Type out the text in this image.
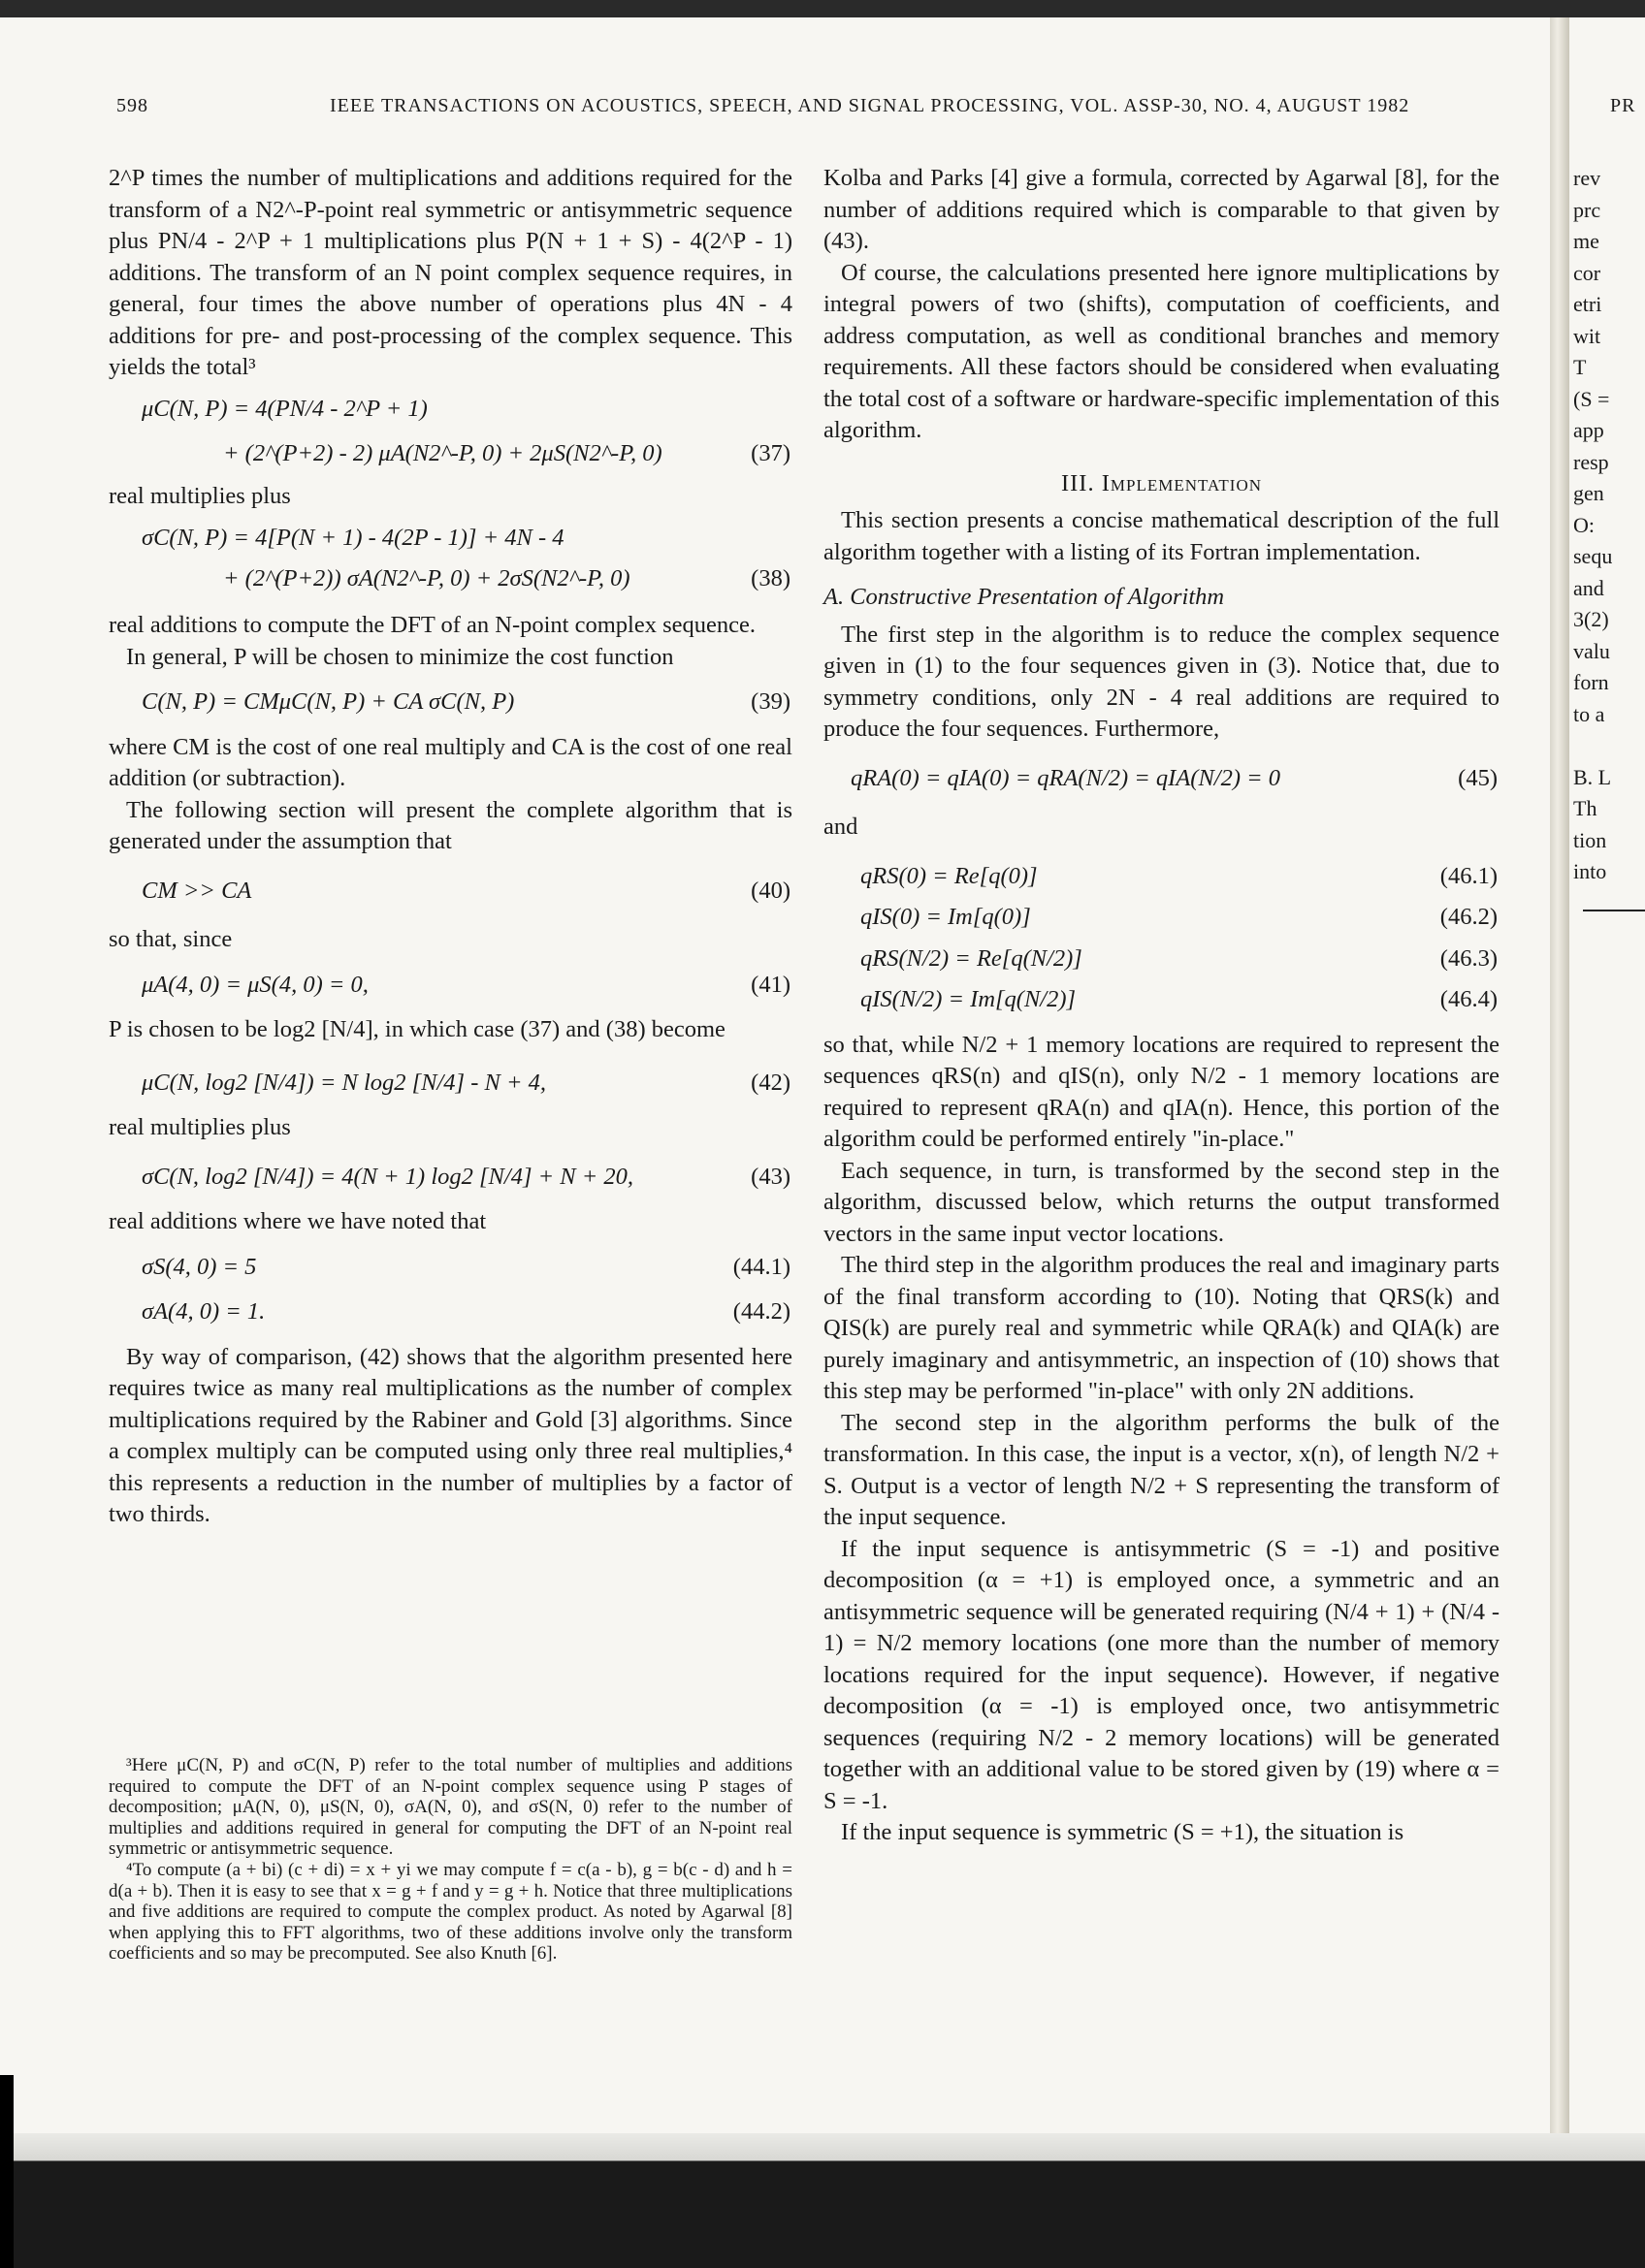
598	IEEE TRANSACTIONS ON ACOUSTICS, SPEECH, AND SIGNAL PROCESSING, VOL. ASSP-30, NO. 4, AUGUST 1982	PR

2^P times the number of multiplications and additions required for the transform of a N2^-P-point real symmetric or antisymmetric sequence plus PN/4 - 2^P + 1 multiplications plus P(N + 1 + S) - 4(2^P - 1) additions. The transform of an N point complex sequence requires, in general, four times the above number of operations plus 4N - 4 additions for pre- and post-processing of the complex sequence. This yields the total³

μC(N, P) = 4(PN/4 - 2^P + 1)
+ (2^(P+2) - 2) μA(N2^-P, 0) + 2μS(N2^-P, 0)	(37)

real multiplies plus

σC(N, P) = 4[P(N + 1) - 4(2P - 1)] + 4N - 4
+ (2^(P+2)) σA(N2^-P, 0) + 2σS(N2^-P, 0)	(38)

real additions to compute the DFT of an N-point complex sequence.

In general, P will be chosen to minimize the cost function

C(N, P) = CMμC(N, P) + CA σC(N, P)	(39)

where CM is the cost of one real multiply and CA is the cost of one real addition (or subtraction).

The following section will present the complete algorithm that is generated under the assumption that

CM >> CA	(40)

so that, since

μA(4, 0) = μS(4, 0) = 0,	(41)

P is chosen to be log2 [N/4], in which case (37) and (38) become

μC(N, log2 [N/4]) = N log2 [N/4] - N + 4,	(42)

real multiplies plus

σC(N, log2 [N/4]) = 4(N + 1) log2 [N/4] + N + 20,	(43)

real additions where we have noted that

σS(4, 0) = 5	(44.1)
σA(4, 0) = 1.	(44.2)

By way of comparison, (42) shows that the algorithm presented here requires twice as many real multiplications as the number of complex multiplications required by the Rabiner and Gold [3] algorithms. Since a complex multiply can be computed using only three real multiplies,⁴ this represents a reduction in the number of multiplies by a factor of two thirds.

³Here μC(N, P) and σC(N, P) refer to the total number of multiplies and additions required to compute the DFT of an N-point complex sequence using P stages of decomposition; μA(N, 0), μS(N, 0), σA(N, 0), and σS(N, 0) refer to the number of multiplies and additions required in general for computing the DFT of an N-point real symmetric or antisymmetric sequence.

⁴To compute (a + bi) (c + di) = x + yi we may compute f = c(a - b), g = b(c - d) and h = d(a + b). Then it is easy to see that x = g + f and y = g + h. Notice that three multiplications and five additions are required to compute the complex product. As noted by Agarwal [8] when applying this to FFT algorithms, two of these additions involve only the transform coefficients and so may be precomputed. See also Knuth [6].

Kolba and Parks [4] give a formula, corrected by Agarwal [8], for the number of additions required which is comparable to that given by (43).

Of course, the calculations presented here ignore multiplications by integral powers of two (shifts), computation of coefficients, and address computation, as well as conditional branches and memory requirements. All these factors should be considered when evaluating the total cost of a software or hardware-specific implementation of this algorithm.

III. Implementation

This section presents a concise mathematical description of the full algorithm together with a listing of its Fortran implementation.

A. Constructive Presentation of Algorithm

The first step in the algorithm is to reduce the complex sequence given in (1) to the four sequences given in (3). Notice that, due to symmetry conditions, only 2N - 4 real additions are required to produce the four sequences. Furthermore,

qRA(0) = qIA(0) = qRA(N/2) = qIA(N/2) = 0	(45)

and

qRS(0) = Re[q(0)]	(46.1)
qIS(0) = Im[q(0)]	(46.2)
qRS(N/2) = Re[q(N/2)]	(46.3)
qIS(N/2) = Im[q(N/2)]	(46.4)

so that, while N/2 + 1 memory locations are required to represent the sequences qRS(n) and qIS(n), only N/2 - 1 memory locations are required to represent qRA(n) and qIA(n). Hence, this portion of the algorithm could be performed entirely "in-place."

Each sequence, in turn, is transformed by the second step in the algorithm, discussed below, which returns the output transformed vectors in the same input vector locations.

The third step in the algorithm produces the real and imaginary parts of the final transform according to (10). Noting that QRS(k) and QIS(k) are purely real and symmetric while QRA(k) and QIA(k) are purely imaginary and antisymmetric, an inspection of (10) shows that this step may be performed "in-place" with only 2N additions.

The second step in the algorithm performs the bulk of the transformation. In this case, the input is a vector, x(n), of length N/2 + S. Output is a vector of length N/2 + S representing the transform of the input sequence.

If the input sequence is antisymmetric (S = -1) and positive decomposition (α = +1) is employed once, a symmetric and an antisymmetric sequence will be generated requiring (N/4 + 1) + (N/4 - 1) = N/2 memory locations (one more than the number of memory locations required for the input sequence). However, if negative decomposition (α = -1) is employed once, two antisymmetric sequences (requiring N/2 - 2 memory locations) will be generated together with an additional value to be stored given by (19) where α = S = -1.

If the input sequence is symmetric (S = +1), the situation is

rev
prc
me
cor
etri
wit
T
(S =
app
resp
gen
O:
sequ
and
3(2)
valu
forn
to a
B. L
Th
tion
into
